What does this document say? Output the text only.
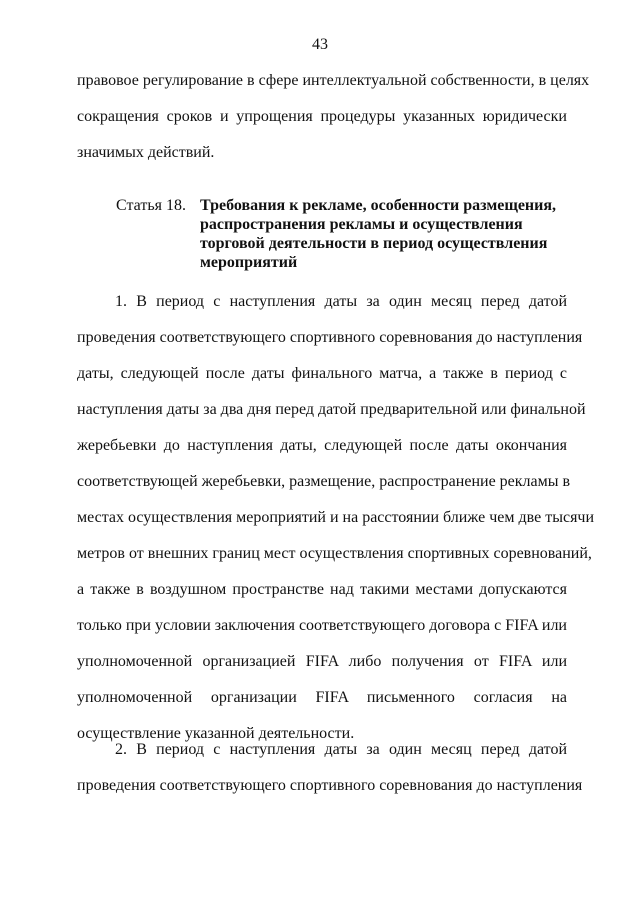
43

правовое регулирование в сфере интеллектуальной собственности, в целях
сокращения сроков и упрощения процедуры указанных юридически
значимых действий.

Статья 18. Требования к рекламе, особенности размещения,
распространения рекламы и осуществления
торговой деятельности в период осуществления
мероприятий

1. В период с наступления даты за один месяц перед датой
проведения соответствующего спортивного соревнования до наступления
даты, следующей после даты финального матча, а также в период с
наступления даты за два дня перед датой предварительной или финальной
жеребьевки до наступления даты, следующей после даты окончания
соответствующей жеребьевки, размещение, распространение рекламы в
местах осуществления мероприятий и на расстоянии ближе чем две тысячи
метров от внешних границ мест осуществления спортивных соревнований,
а также в воздушном пространстве над такими местами допускаются
только при условии заключения соответствующего договора с FIFA или
уполномоченной организацией FIFA либо получения от FIFA или
уполномоченной организации FIFA письменного согласия на
осуществление указанной деятельности.

2. В период с наступления даты за один месяц перед датой
проведения соответствующего спортивного соревнования до наступления
